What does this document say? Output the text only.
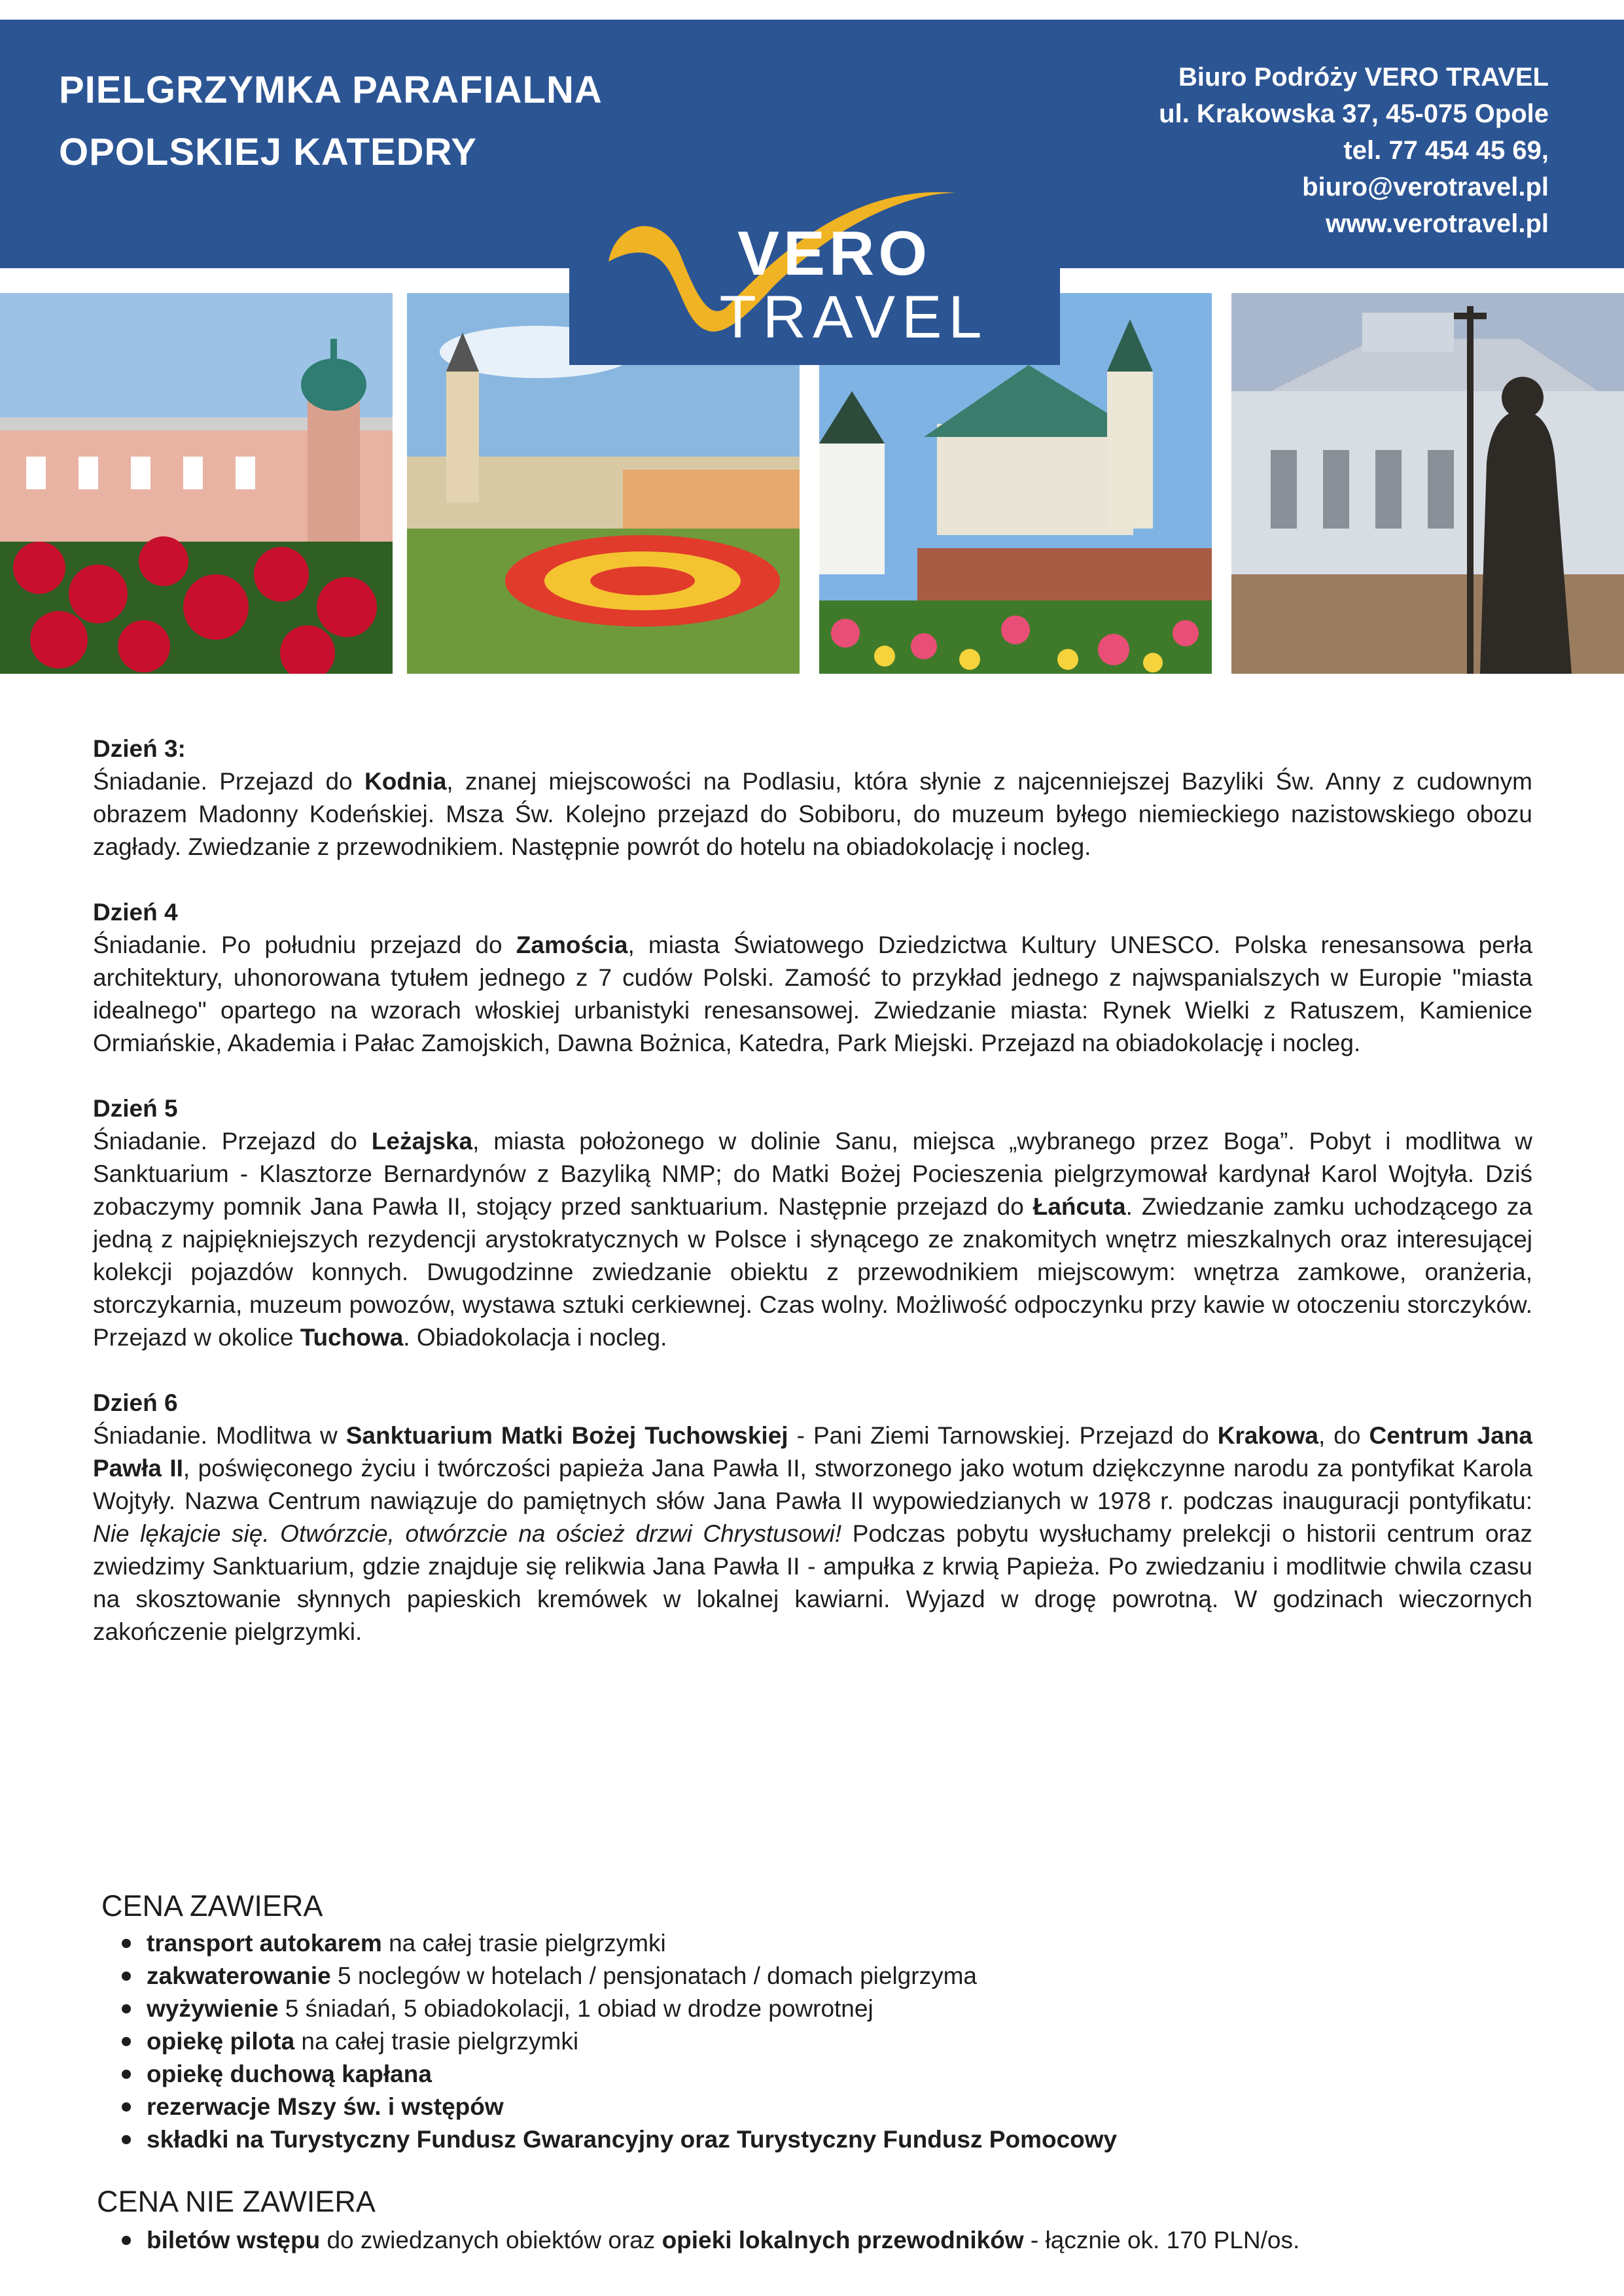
PIELGRZYMKA PARAFIALNA
OPOLSKIEJ KATEDRY
Biuro Podróży VERO TRAVEL
ul. Krakowska 37, 45-075 Opole
tel. 77 454 45 69,
biuro@verotravel.pl
www.verotravel.pl
VERO
TRAVEL
Dzień 3:
Śniadanie. Przejazd do Kodnia, znanej miejscowości na Podlasiu, która słynie z najcenniejszej Bazyliki Św. Anny z cudownym obrazem Madonny Kodeńskiej. Msza Św. Kolejno przejazd do Sobiboru, do muzeum byłego niemieckiego nazistowskiego obozu zagłady. Zwiedzanie z przewodnikiem. Następnie powrót do hotelu na obiadokolację i nocleg.
Dzień 4
Śniadanie. Po południu przejazd do Zamościa, miasta Światowego Dziedzictwa Kultury UNESCO. Polska renesansowa perła architektury, uhonorowana tytułem jednego z 7 cudów Polski. Zamość to przykład jednego z najwspanialszych w Europie "miasta idealnego" opartego na wzorach włoskiej urbanistyki renesansowej. Zwiedzanie miasta: Rynek Wielki z Ratuszem, Kamienice Ormiańskie, Akademia i Pałac Zamojskich, Dawna Bożnica, Katedra, Park Miejski. Przejazd na obiadokolację i nocleg.
Dzień 5
Śniadanie. Przejazd do Leżajska, miasta położonego w dolinie Sanu, miejsca „wybranego przez Boga”. Pobyt i modlitwa w Sanktuarium - Klasztorze Bernardynów z Bazyliką NMP; do Matki Bożej Pocieszenia pielgrzymował kardynał Karol Wojtyła. Dziś zobaczymy pomnik Jana Pawła II, stojący przed sanktuarium. Następnie przejazd do Łańcuta. Zwiedzanie zamku uchodzącego za jedną z najpiękniejszych rezydencji arystokratycznych w Polsce i słynącego ze znakomitych wnętrz mieszkalnych oraz interesującej kolekcji pojazdów konnych. Dwugodzinne zwiedzanie obiektu z przewodnikiem miejscowym: wnętrza zamkowe, oranżeria, storczykarnia, muzeum powozów, wystawa sztuki cerkiewnej. Czas wolny. Możliwość odpoczynku przy kawie w otoczeniu storczyków. Przejazd w okolice Tuchowa. Obiadokolacja i nocleg.
Dzień 6
Śniadanie. Modlitwa w Sanktuarium Matki Bożej Tuchowskiej - Pani Ziemi Tarnowskiej. Przejazd do Krakowa, do Centrum Jana Pawła II, poświęconego życiu i twórczości papieża Jana Pawła II, stworzonego jako wotum dziękczynne narodu za pontyfikat Karola Wojtyły. Nazwa Centrum nawiązuje do pamiętnych słów Jana Pawła II wypowiedzianych w 1978 r. podczas inauguracji pontyfikatu: Nie lękajcie się. Otwórzcie, otwórzcie na oścież drzwi Chrystusowi! Podczas pobytu wysłuchamy prelekcji o historii centrum oraz zwiedzimy Sanktuarium, gdzie znajduje się relikwia Jana Pawła II - ampułka z krwią Papieża. Po zwiedzaniu i modlitwie chwila czasu na skosztowanie słynnych papieskich kremówek w lokalnej kawiarni. Wyjazd w drogę powrotną. W godzinach wieczornych zakończenie pielgrzymki.
CENA ZAWIERA
transport autokarem na całej trasie pielgrzymki
zakwaterowanie 5 noclegów w hotelach / pensjonatach / domach pielgrzyma
wyżywienie 5 śniadań, 5 obiadokolacji, 1 obiad w drodze powrotnej
opiekę pilota na całej trasie pielgrzymki
opiekę duchową kapłana
rezerwacje Mszy św. i wstępów
składki na Turystyczny Fundusz Gwarancyjny oraz Turystyczny Fundusz Pomocowy
CENA NIE ZAWIERA
biletów wstępu do zwiedzanych obiektów oraz opieki lokalnych przewodników - łącznie ok. 170 PLN/os.
